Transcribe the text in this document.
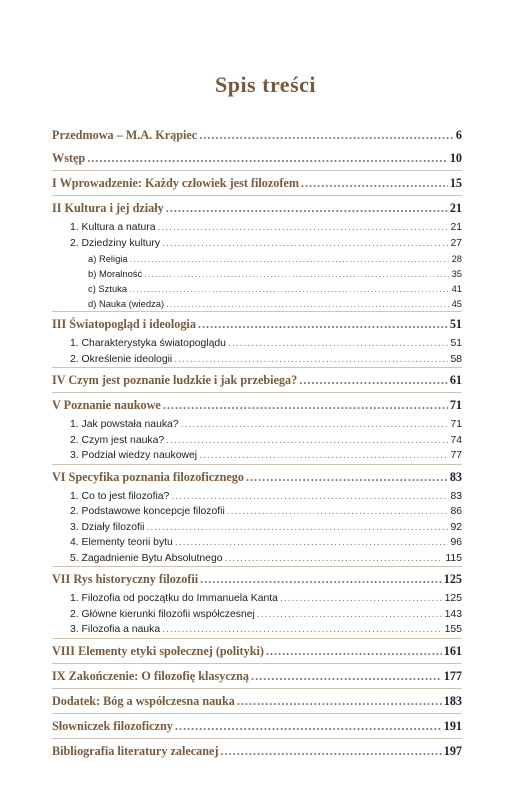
Spis treści
Przedmowa – M.A. Krąpiec .....	6
Wstęp .....	10
I Wprowadzenie: Każdy człowiek jest filozofem .....	15
II Kultura i jej działy .....	21
1. Kultura a natura .....	21
2. Dziedziny kultury .....	27
a) Religia .....	28
b) Moralność .....	35
c) Sztuka .....	41
d) Nauka (wiedza) .....	45
III Światopogląd i ideologia .....	51
1. Charakterystyka światopoglądu .....	51
2. Określenie ideologii .....	58
IV Czym jest poznanie ludzkie i jak przebiega? .....	61
V Poznanie naukowe .....	71
1. Jak powstała nauka? .....	71
2. Czym jest nauka? .....	74
3. Podział wiedzy naukowej .....	77
VI Specyfika poznania filozoficznego .....	83
1. Co to jest filozofia? .....	83
2. Podstawowe koncepcje filozofii .....	86
3. Działy filozofii .....	92
4. Elementy teorii bytu .....	96
5. Zagadnienie Bytu Absolutnego .....	115
VII Rys historyczny filozofii .....	125
1. Filozofia od początku do Immanuela Kanta .....	125
2. Główne kierunki filozofii współczesnej .....	143
3. Filozofia a nauka .....	155
VIII Elementy etyki społecznej (polityki) .....	161
IX Zakończenie: O filozofię klasyczną .....	177
Dodatek: Bóg a współczesna nauka .....	183
Słowniczek filozoficzny .....	191
Bibliografia literatury zalecanej .....	197
